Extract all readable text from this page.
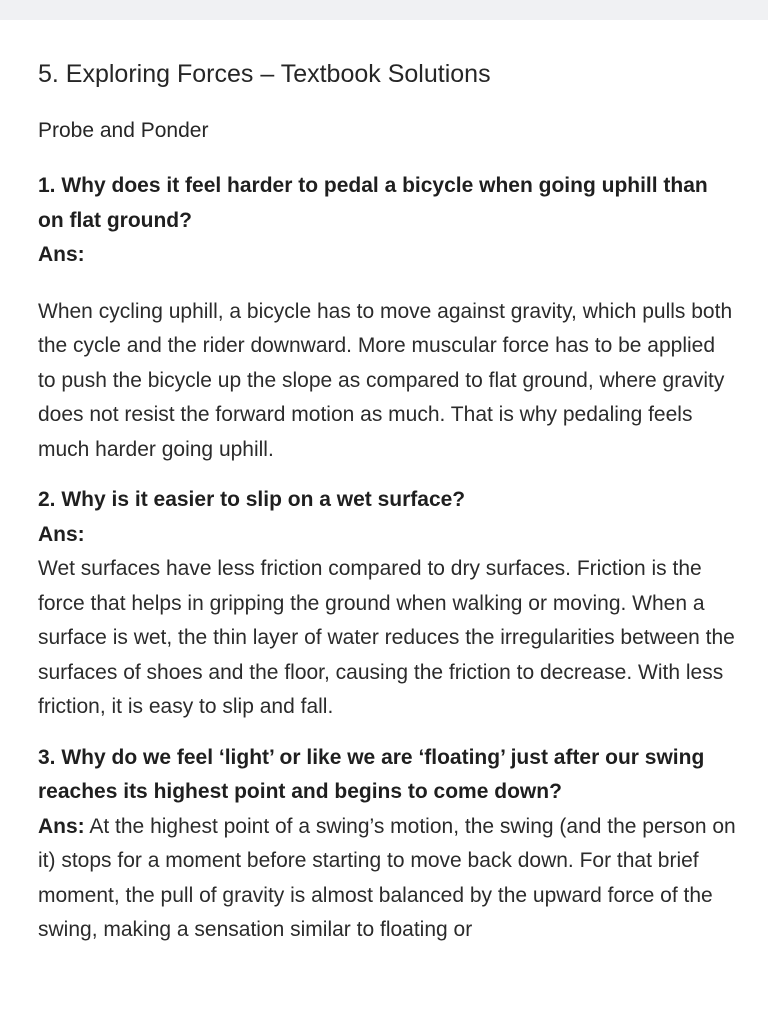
5. Exploring Forces – Textbook Solutions
Probe and Ponder
1. Why does it feel harder to pedal a bicycle when going uphill than on flat ground?
Ans:
When cycling uphill, a bicycle has to move against gravity, which pulls both the cycle and the rider downward. More muscular force has to be applied to push the bicycle up the slope as compared to flat ground, where gravity does not resist the forward motion as much. That is why pedaling feels much harder going uphill.
2. Why is it easier to slip on a wet surface?
Ans:
Wet surfaces have less friction compared to dry surfaces. Friction is the force that helps in gripping the ground when walking or moving. When a surface is wet, the thin layer of water reduces the irregularities between the surfaces of shoes and the floor, causing the friction to decrease. With less friction, it is easy to slip and fall.
3. Why do we feel ‘light’ or like we are ‘floating’ just after our swing reaches its highest point and begins to come down?
Ans: At the highest point of a swing’s motion, the swing (and the person on it) stops for a moment before starting to move back down. For that brief moment, the pull of gravity is almost balanced by the upward force of the swing, making a sensation similar to floating or
